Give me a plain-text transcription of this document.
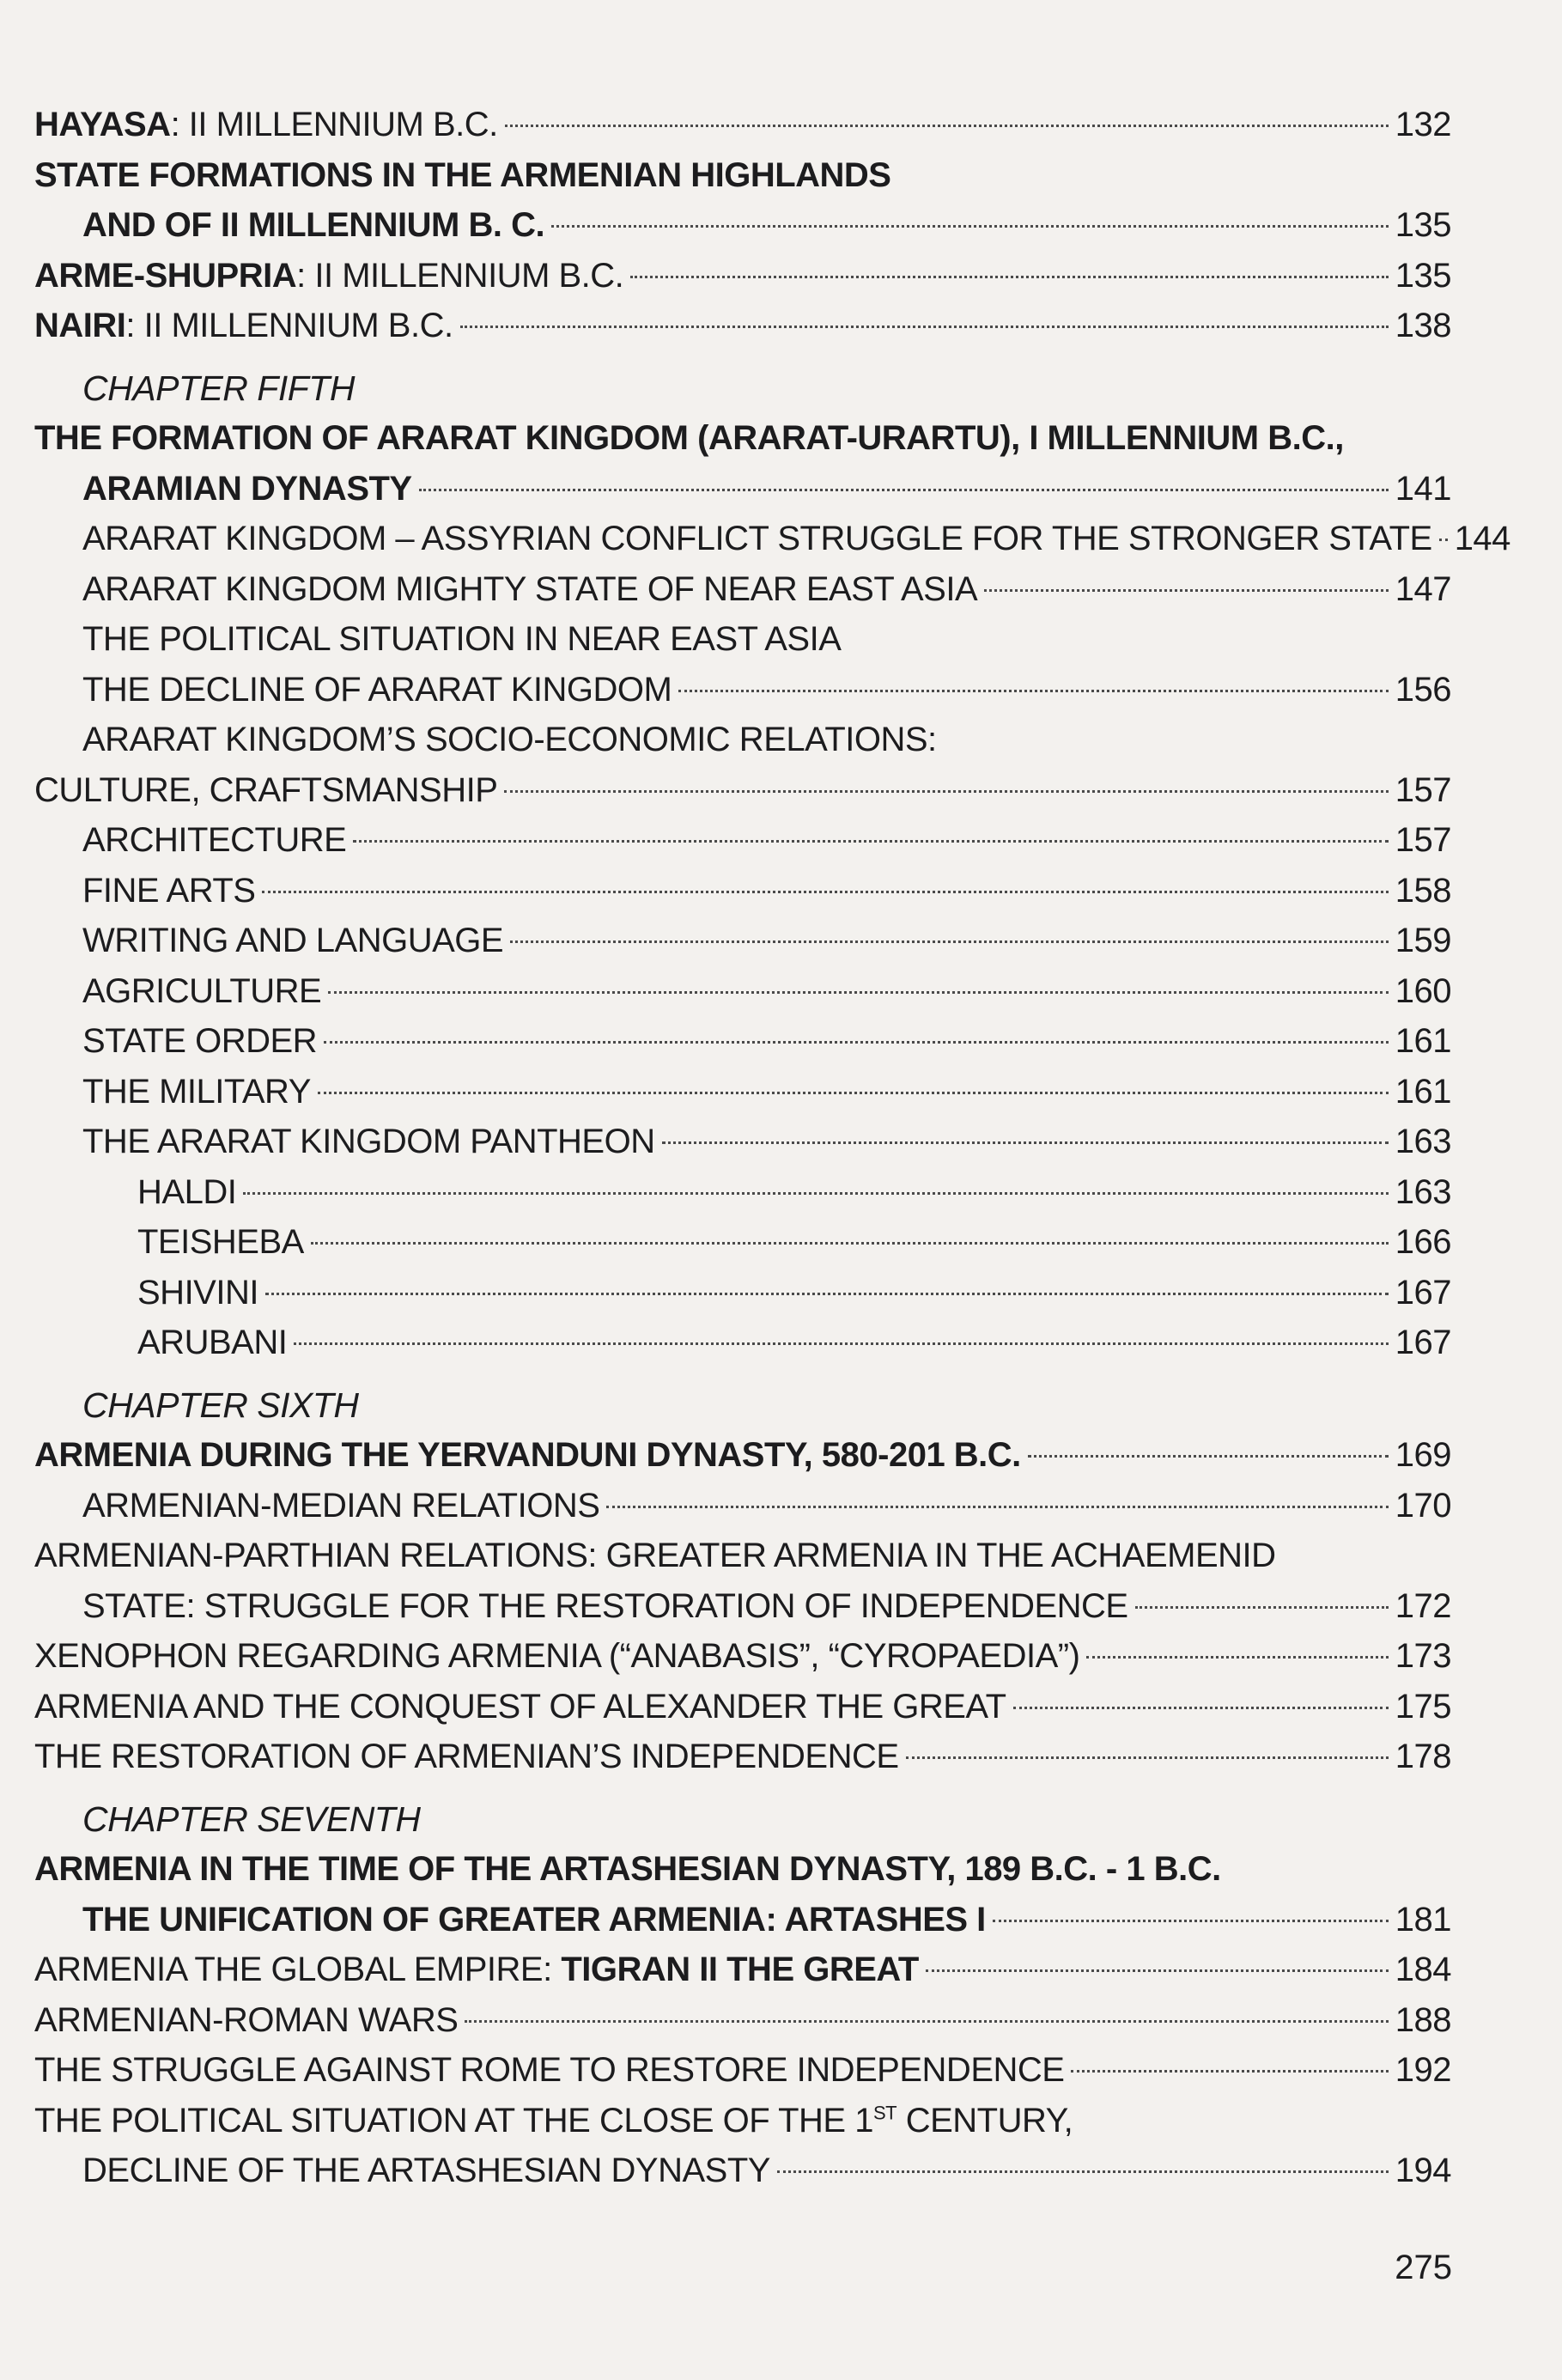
HAYASA: II MILLENNIUM B.C.	132
STATE FORMATIONS IN THE ARMENIAN HIGHLANDS
AND OF II MILLENNIUM B. C.	135
ARME-SHUPRIA: II MILLENNIUM B.C.	135
NAIRI: II MILLENNIUM B.C.	138
CHAPTER FIFTH
THE FORMATION OF ARARAT KINGDOM (ARARAT-URARTU), I MILLENNIUM B.C.,
ARAMIAN DYNASTY	141
ARARAT KINGDOM – ASSYRIAN CONFLICT STRUGGLE FOR THE STRONGER STATE 144
ARARAT KINGDOM MIGHTY STATE OF NEAR EAST ASIA	147
THE POLITICAL SITUATION IN NEAR EAST ASIA
THE DECLINE OF ARARAT KINGDOM	156
ARARAT KINGDOM’S SOCIO-ECONOMIC RELATIONS:
CULTURE, CRAFTSMANSHIP	157
ARCHITECTURE	157
FINE ARTS	158
WRITING AND LANGUAGE	159
AGRICULTURE	160
STATE ORDER	161
THE MILITARY	161
THE ARARAT KINGDOM PANTHEON	163
HALDI	163
TEISHEBA	166
SHIVINI	167
ARUBANI	167
CHAPTER SIXTH
ARMENIA DURING THE YERVANDUNI DYNASTY, 580-201 B.C.	169
ARMENIAN-MEDIAN RELATIONS	170
ARMENIAN-PARTHIAN RELATIONS: GREATER ARMENIA IN THE ACHAEMENID
STATE: STRUGGLE FOR THE RESTORATION OF INDEPENDENCE	172
XENOPHON REGARDING ARMENIA (“ANABASIS”, “CYROPAEDIA”)	173
ARMENIA AND THE CONQUEST OF ALEXANDER THE GREAT	175
THE RESTORATION OF ARMENIAN’S INDEPENDENCE	178
CHAPTER SEVENTH
ARMENIA IN THE TIME OF THE ARTASHESIAN DYNASTY, 189 B.C. - 1 B.C.
THE UNIFICATION OF GREATER ARMENIA: ARTASHES I	181
ARMENIA THE GLOBAL EMPIRE: TIGRAN II THE GREAT	184
ARMENIAN-ROMAN WARS	188
THE STRUGGLE AGAINST ROME TO RESTORE INDEPENDENCE	192
THE POLITICAL SITUATION AT THE CLOSE OF THE 1ST CENTURY,
DECLINE OF THE ARTASHESIAN DYNASTY	194
275
